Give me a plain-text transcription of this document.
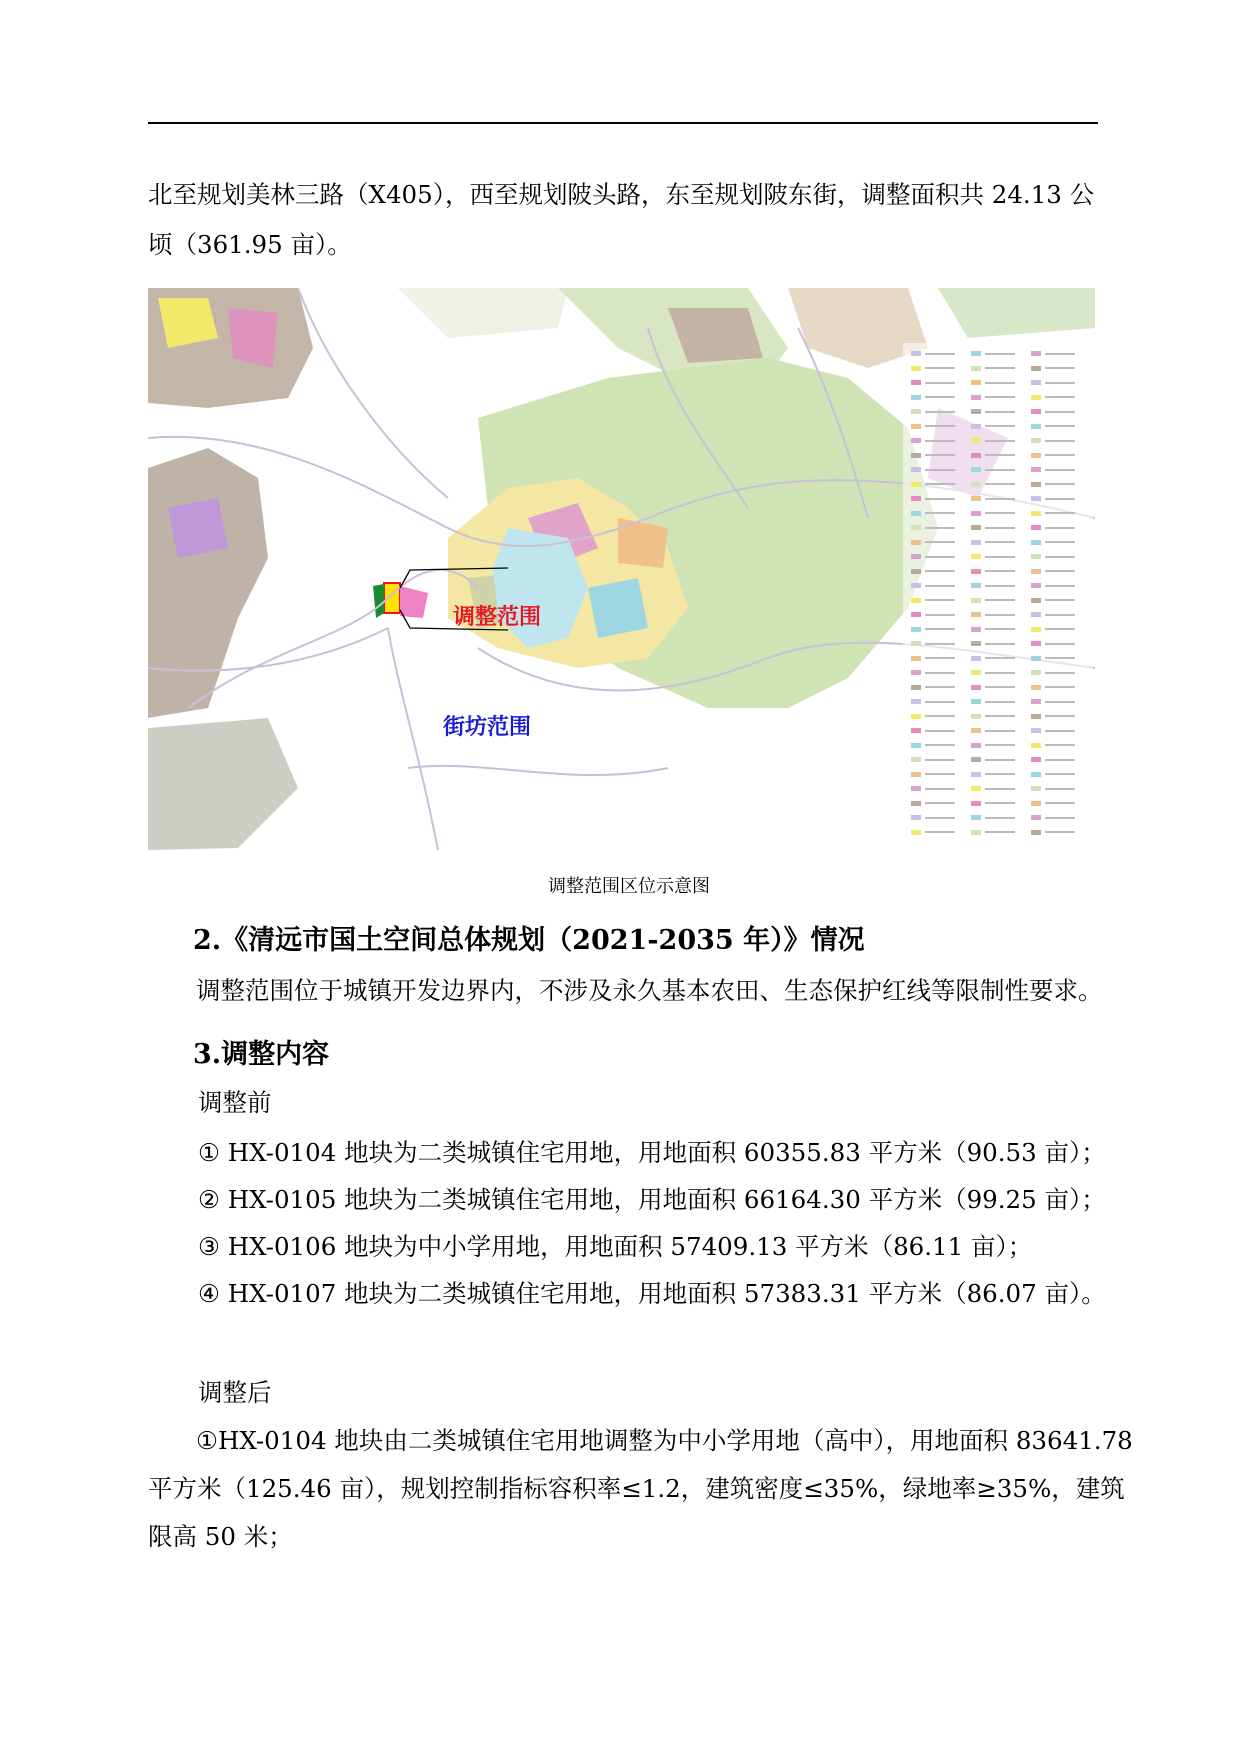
北至规划美林三路（X405），西至规划陂头路，东至规划陂东街，调整面积共 24.13 公
顷（361.95 亩）。
调整范围
街坊范围
调整范围区位示意图
2.《清远市国土空间总体规划（2021-2035 年）》情况
调整范围位于城镇开发边界内，不涉及永久基本农田、生态保护红线等限制性要求。
3.调整内容
调整前
① HX-0104 地块为二类城镇住宅用地，用地面积 60355.83 平方米（90.53 亩）；
② HX-0105 地块为二类城镇住宅用地，用地面积 66164.30 平方米（99.25 亩）；
③ HX-0106 地块为中小学用地，用地面积 57409.13 平方米（86.11 亩）；
④ HX-0107 地块为二类城镇住宅用地，用地面积 57383.31 平方米（86.07 亩）。
调整后
①HX-0104 地块由二类城镇住宅用地调整为中小学用地（高中），用地面积 83641.78
平方米（125.46 亩），规划控制指标容积率≤1.2，建筑密度≤35%，绿地率≥35%，建筑
限高 50 米；
